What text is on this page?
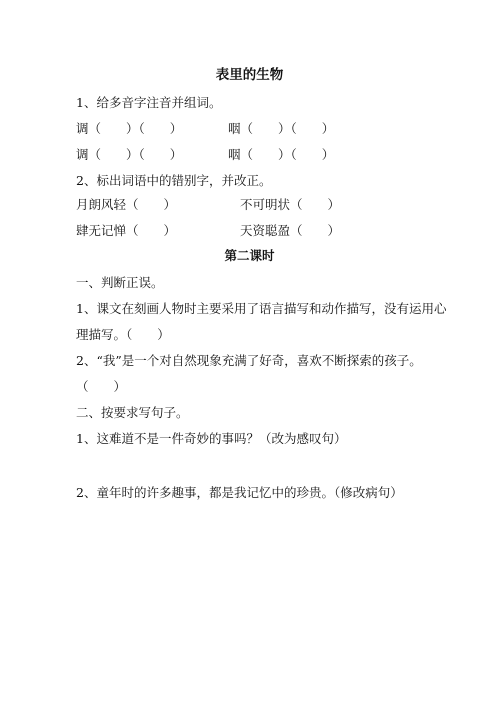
表里的生物
1、给多音字注音并组词。
调（　　）（　　）	咽（　　）（　　）
调（　　）（　　）	咽（　　）（　　）
2、标出词语中的错别字，并改正。
月朗风轻（　　）	不可明状（　　）
肆无记惮（　　）	天资聪盈（　　）
第二课时
一、判断正误。
1、课文在刻画人物时主要采用了语言描写和动作描写，没有运用心
理描写。（　　）
2、“我”是一个对自然现象充满了好奇，喜欢不断探索的孩子。
（　　）
二、按要求写句子。
1、这难道不是一件奇妙的事吗？（改为感叹句）
2、童年时的许多趣事，都是我记忆中的珍贵。（修改病句）
